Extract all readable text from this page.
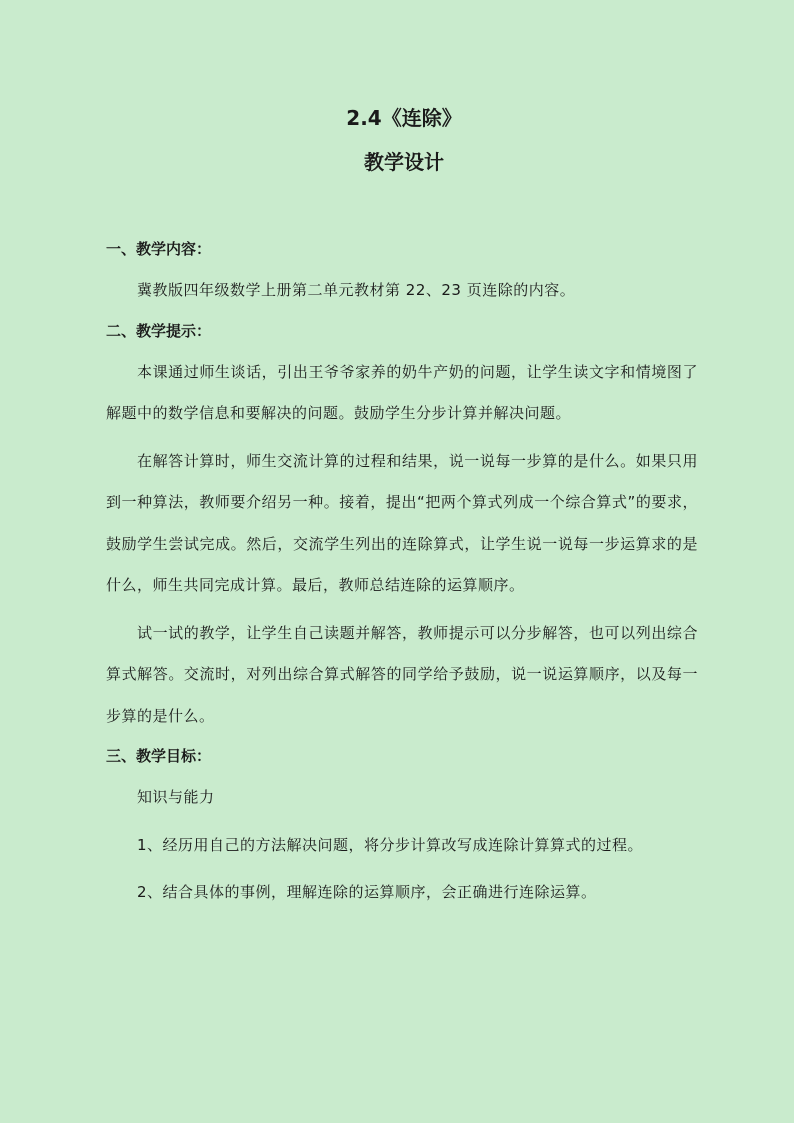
2.4《连除》
教学设计

一、教学内容：

冀教版四年级数学上册第二单元教材第 22、23 页连除的内容。

二、教学提示：

本课通过师生谈话，引出王爷爷家养的奶牛产奶的问题，让学生读文字和情境图了解题中的数学信息和要解决的问题。鼓励学生分步计算并解决问题。

在解答计算时，师生交流计算的过程和结果，说一说每一步算的是什么。如果只用到一种算法，教师要介绍另一种。接着，提出“把两个算式列成一个综合算式”的要求，鼓励学生尝试完成。然后，交流学生列出的连除算式，让学生说一说每一步运算求的是什么，师生共同完成计算。最后，教师总结连除的运算顺序。

试一试的教学，让学生自己读题并解答，教师提示可以分步解答，也可以列出综合算式解答。交流时，对列出综合算式解答的同学给予鼓励，说一说运算顺序，以及每一步算的是什么。

三、教学目标：

知识与能力

1、经历用自己的方法解决问题，将分步计算改写成连除计算算式的过程。

2、结合具体的事例，理解连除的运算顺序，会正确进行连除运算。
